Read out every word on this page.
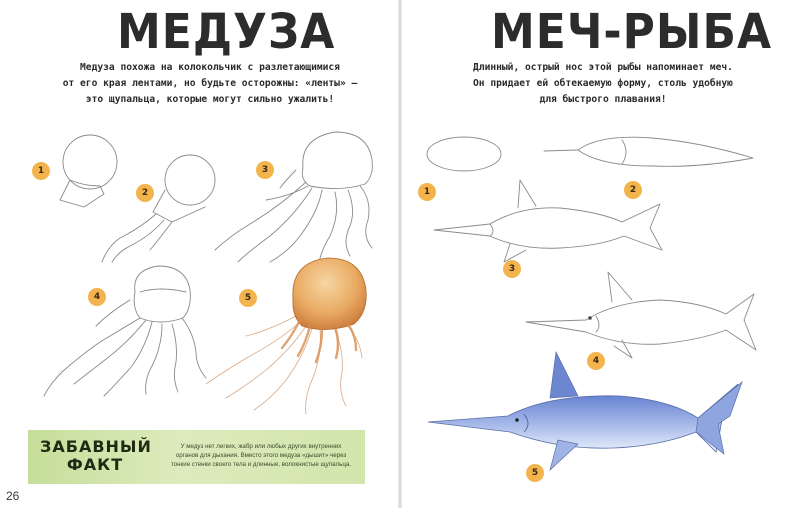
МЕДУЗА

Медуза похожа на колокольчик с разлетающимися
от его края лентами, но будьте осторожны: «ленты» —
это щупальца, которые могут сильно ужалить!

1
2
3
4	5
ЗАБАВНЫЙ
ФАКТ
У медуз нет легких, жабр или любых других внутренних
органов для дыхания. Вместо этого медуза «дышит» через
тонкие стенки своего тела и длинные, волокнистые щупальца.
26
МЕЧ-РЫБА

Длинный, острый нос этой рыбы напоминает меч.
Он придает ей обтекаемую форму, столь удобную
для быстрого плавания!

1	2
3
4
5
